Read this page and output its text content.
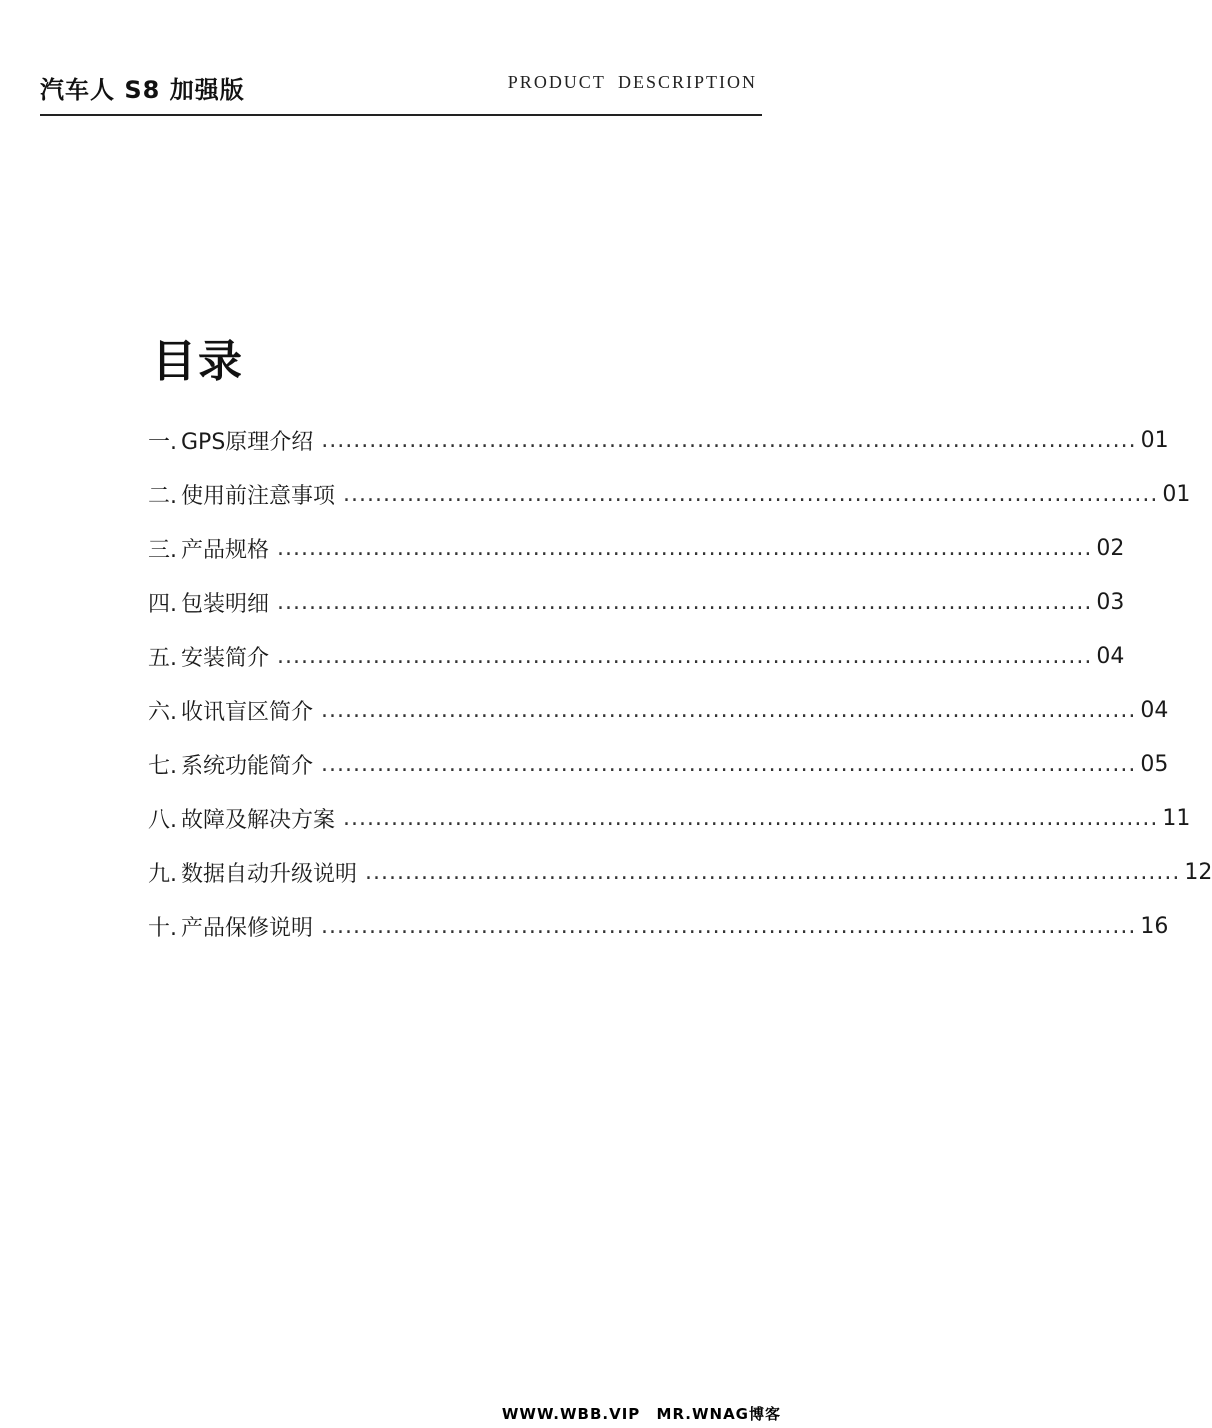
汽车人 S8 加强版	PRODUCT DESCRIPTION
目录
一. GPS原理介绍 ...................................................................................................... 01
二. 使用前注意事项 ...................................................................................................... 01
三. 产品规格 ...................................................................................................... 02
四. 包装明细 ...................................................................................................... 03
五. 安装简介 ...................................................................................................... 04
六. 收讯盲区简介 ...................................................................................................... 04
七. 系统功能简介 ...................................................................................................... 05
八. 故障及解决方案 ...................................................................................................... 11
九. 数据自动升级说明 ...................................................................................................... 12
十. 产品保修说明 ...................................................................................................... 16
WWW.WBB.VIP MR.WNAG博客
